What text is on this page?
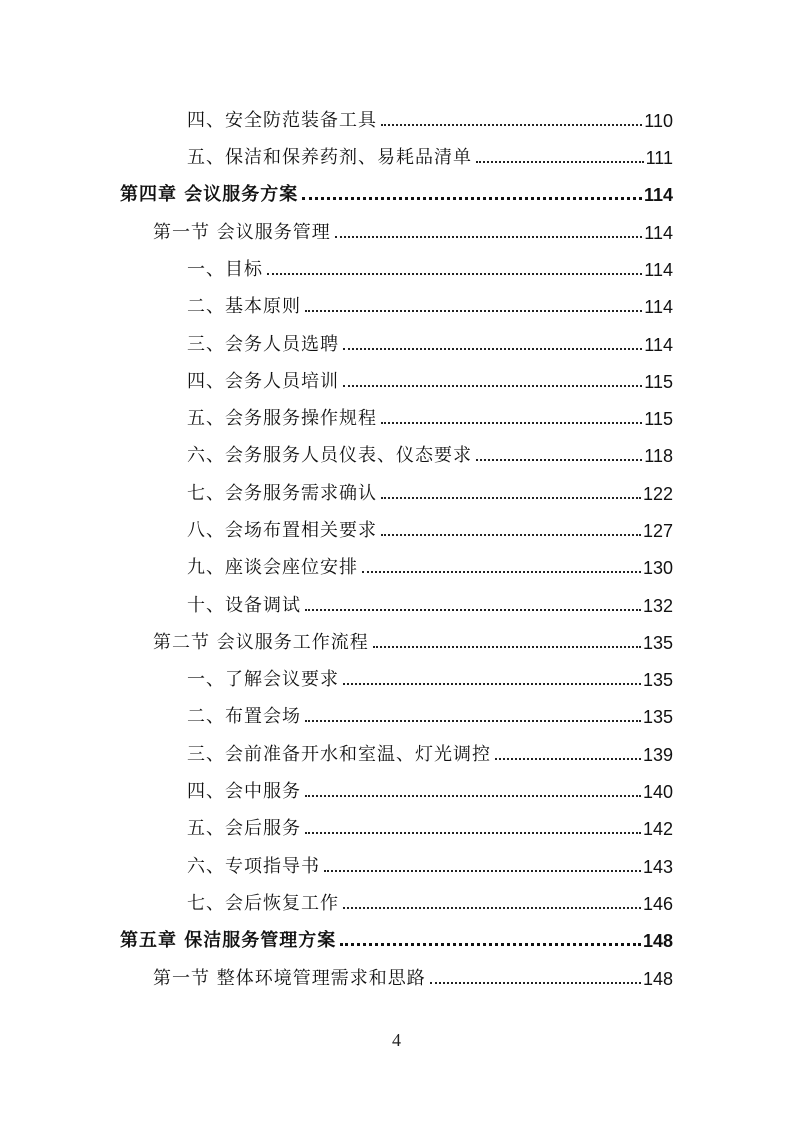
四、安全防范装备工具	110
五、保洁和保养药剂、易耗品清单	111
第四章 会议服务方案	114
第一节 会议服务管理	114
一、目标	114
二、基本原则	114
三、会务人员选聘	114
四、会务人员培训	115
五、会务服务操作规程	115
六、会务服务人员仪表、仪态要求	118
七、会务服务需求确认	122
八、会场布置相关要求	127
九、座谈会座位安排	130
十、设备调试	132
第二节 会议服务工作流程	135
一、了解会议要求	135
二、布置会场	135
三、会前准备开水和室温、灯光调控	139
四、会中服务	140
五、会后服务	142
六、专项指导书	143
七、会后恢复工作	146
第五章 保洁服务管理方案	148
第一节 整体环境管理需求和思路	148
4
